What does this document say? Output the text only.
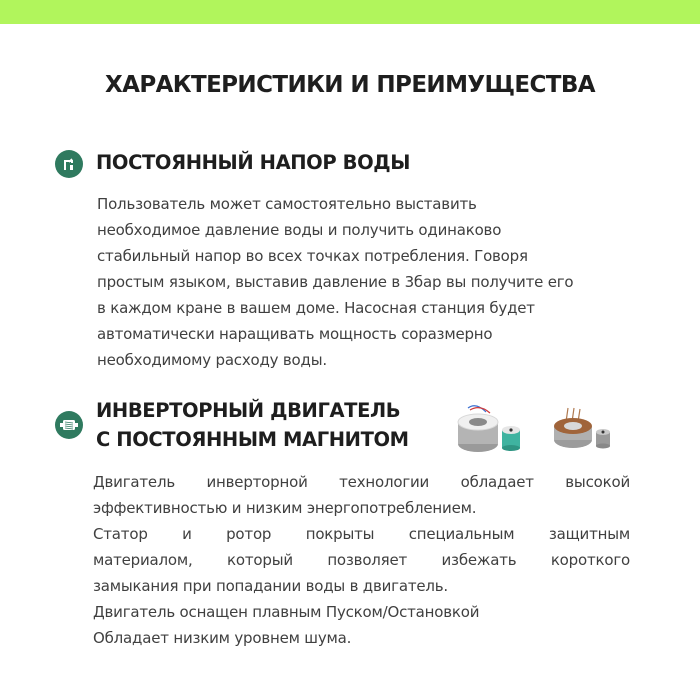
ХАРАКТЕРИСТИКИ И ПРЕИМУЩЕСТВА
ПОСТОЯННЫЙ НАПОР ВОДЫ
Пользователь может самостоятельно выставить
необходимое давление воды и получить одинаково
стабильный напор во всех точках потребления. Говоря
простым языком, выставив давление в 3бар вы получите его
в каждом кране в вашем доме. Насосная станция будет
автоматически наращивать мощность соразмерно
необходимому расходу воды.
ИНВЕРТОРНЫЙ ДВИГАТЕЛЬ
С ПОСТОЯННЫМ МАГНИТОМ
Двигатель инверторной технологии обладает высокой
эффективностью и низким энергопотреблением.
Статор и ротор покрыты специальным защитным
материалом, который позволяет избежать короткого
замыкания при попадании воды в двигатель.
Двигатель оснащен плавным Пуском/Остановкой
Обладает низким уровнем шума.
